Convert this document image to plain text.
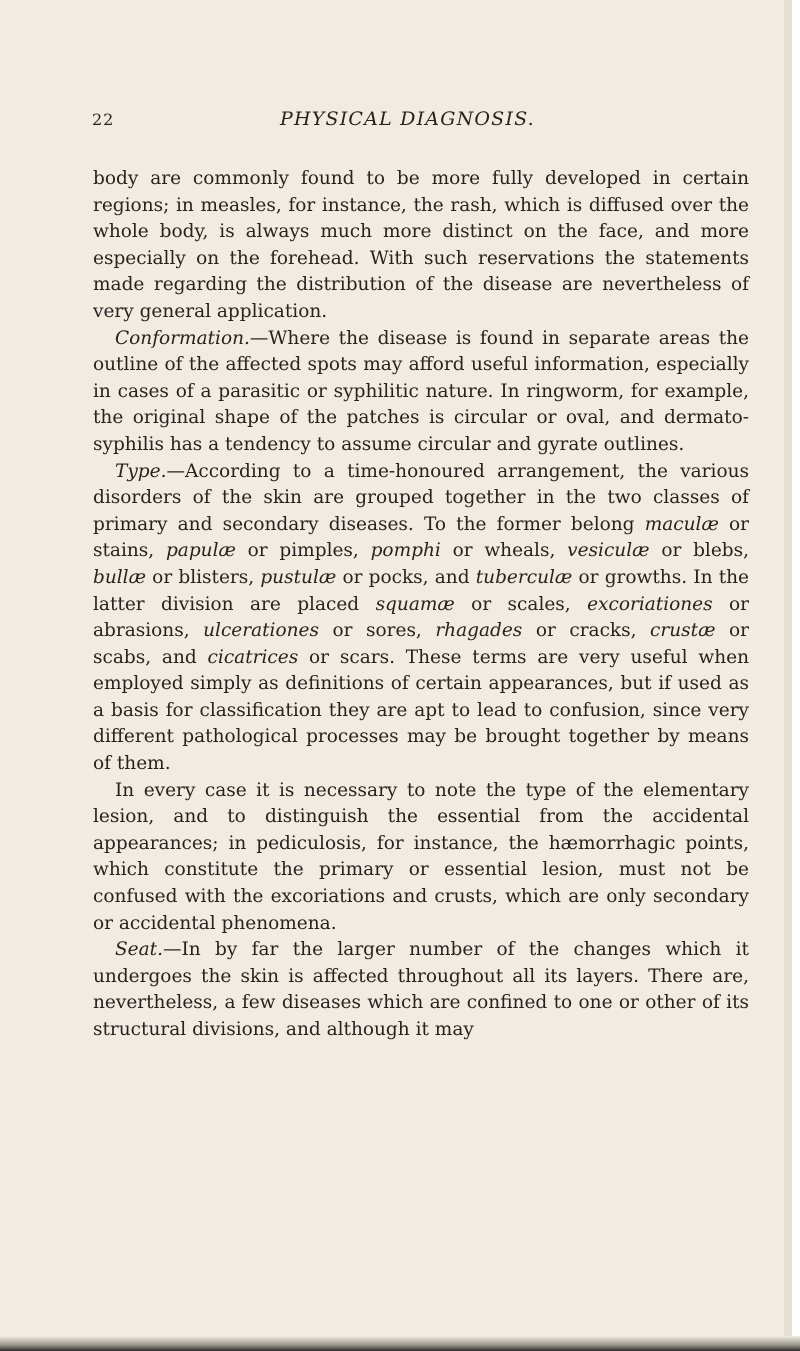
22	PHYSICAL DIAGNOSIS.

body are commonly found to be more fully developed in certain regions; in measles, for instance, the rash, which is diffused over the whole body, is always much more distinct on the face, and more especially on the forehead. With such reservations the statements made regarding the distribution of the disease are nevertheless of very general application.

Conformation.—Where the disease is found in separate areas the outline of the affected spots may afford useful information, especially in cases of a parasitic or syphilitic nature. In ringworm, for example, the original shape of the patches is circular or oval, and dermato-syphilis has a tendency to assume circular and gyrate outlines.

Type.—According to a time-honoured arrangement, the various disorders of the skin are grouped together in the two classes of primary and secondary diseases. To the former belong maculæ or stains, papulæ or pimples, pomphi or wheals, vesiculæ or blebs, bullæ or blisters, pustulæ or pocks, and tuberculæ or growths. In the latter division are placed squamæ or scales, excoriationes or abrasions, ulcerationes or sores, rhagades or cracks, crustæ or scabs, and cicatrices or scars. These terms are very useful when employed simply as definitions of certain appearances, but if used as a basis for classification they are apt to lead to confusion, since very different pathological processes may be brought together by means of them.

In every case it is necessary to note the type of the elementary lesion, and to distinguish the essential from the accidental appearances; in pediculosis, for instance, the hæmorrhagic points, which constitute the primary or essential lesion, must not be confused with the excoriations and crusts, which are only secondary or accidental phenomena.

Seat.—In by far the larger number of the changes which it undergoes the skin is affected throughout all its layers. There are, nevertheless, a few diseases which are confined to one or other of its structural divisions, and although it may
